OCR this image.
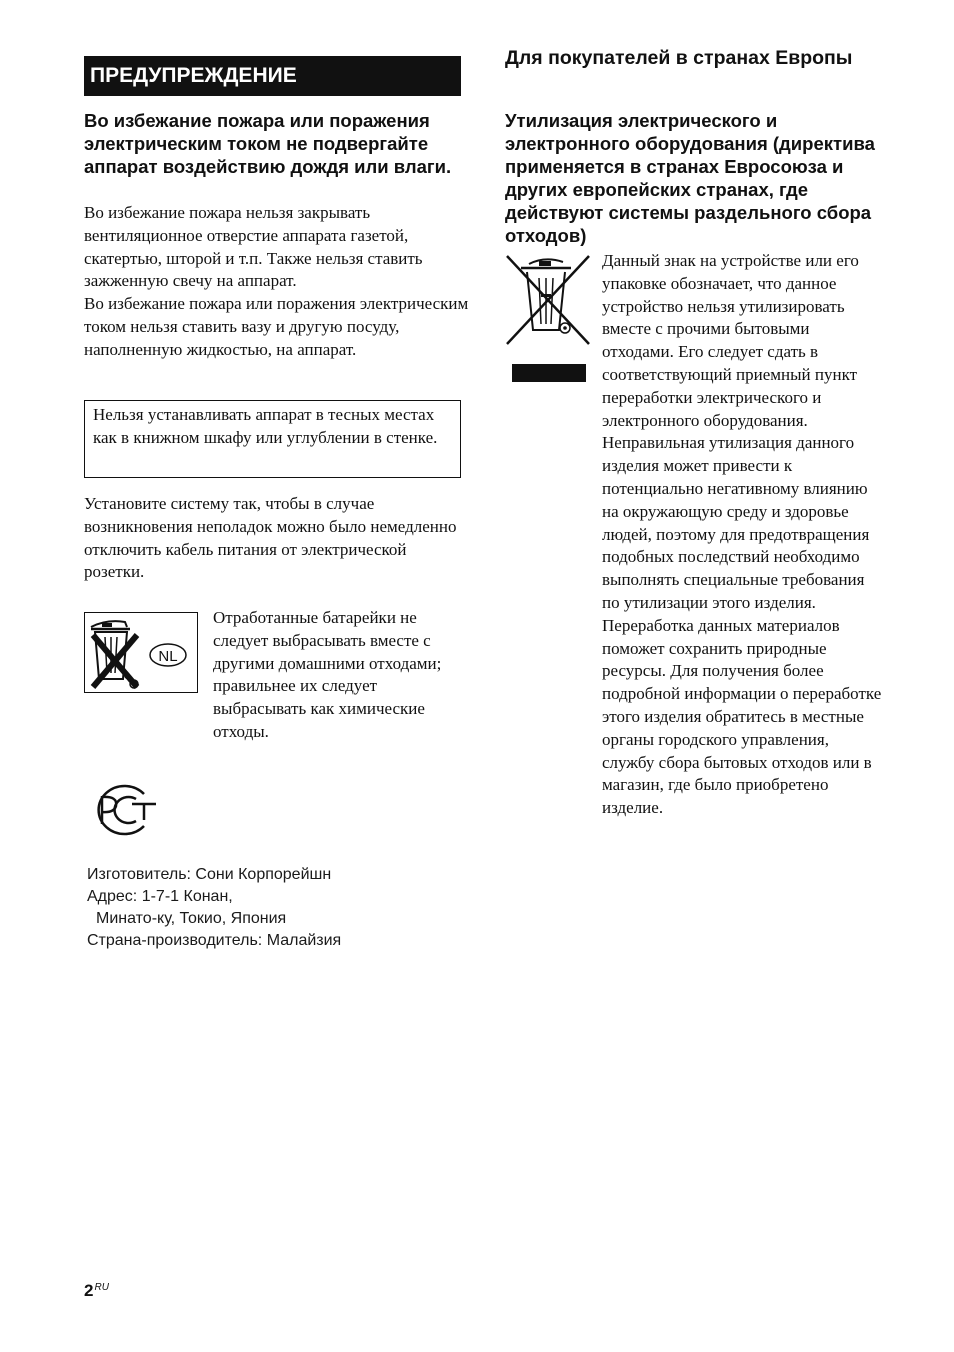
ПРЕДУПРЕЖДЕНИЕ
Во избежание пожара или поражения электрическим током не подвергайте аппарат воздействию дождя или влаги.
Во избежание пожара нельзя закрывать вентиляционное отверстие аппарата газетой, скатертью, шторой и т.п. Также нельзя ставить зажженную свечу на аппарат.
Во избежание пожара или поражения электрическим током нельзя ставить вазу и другую посуду, наполненную жидкостью, на аппарат.
Нельзя устанавливать аппарат в тесных местах как в книжном шкафу или углублении в стенке.
Установите систему так, чтобы в случае возникновения неполадок можно было немедленно отключить кабель питания от электрической розетки.
NL
Отработанные батарейки не следует выбрасывать вместе с другими домашними отходами; правильнее их следует выбрасывать как химические отходы.
Изготовитель: Сони Корпорейшн
Адрес: 1-7-1 Конан,
Минато-ку, Токио, Япония
Страна-производитель: Малайзия
Для покупателей в странах Европы
Утилизация электрического и электронного оборудования (директива применяется в странах Евросоюза и других европейских странах, где действуют системы раздельного сбора отходов)
Данный знак на устройстве или его упаковке обозначает, что данное устройство нельзя утилизировать вместе с прочими бытовыми отходами. Его следует сдать в соответствующий приемный пункт переработки электрического и электронного оборудования. Неправильная утилизация данного изделия может привести к потенциально негативному влиянию на окружающую среду и здоровье людей, поэтому для предотвращения подобных последствий необходимо выполнять специальные требования по утилизации этого изделия. Переработка данных материалов поможет сохранить природные ресурсы. Для получения более подробной информации о переработке этого изделия обратитесь в местные органы городского управления, службу сбора бытовых отходов или в магазин, где было приобретено изделие.
$2^{RU}$
